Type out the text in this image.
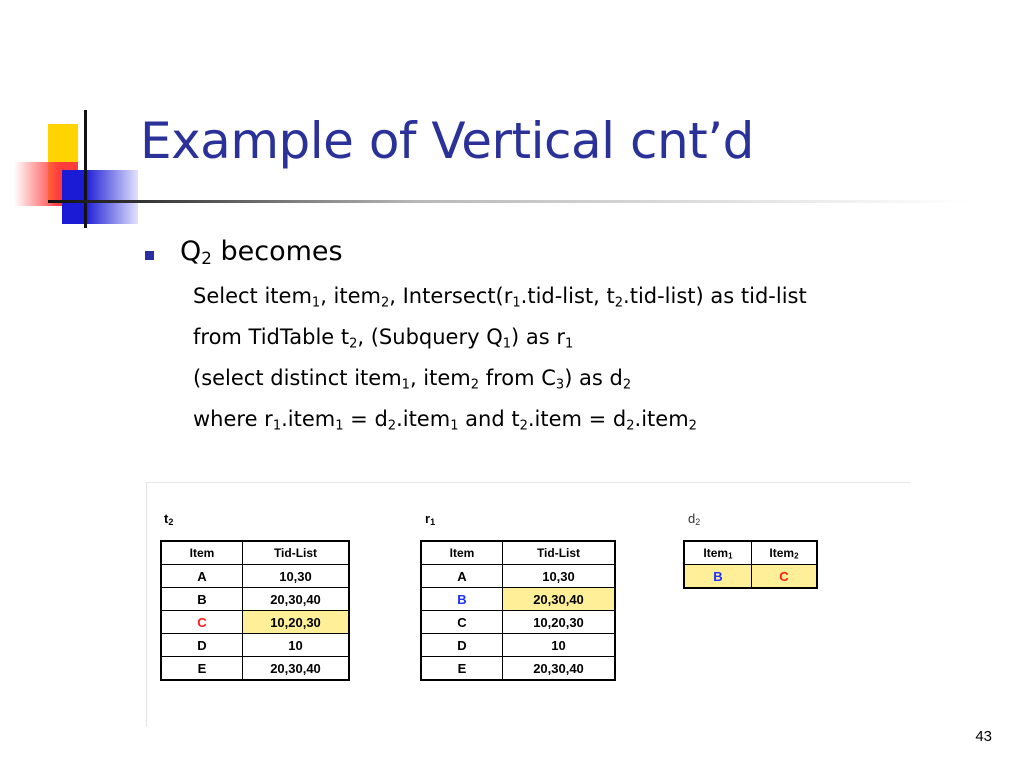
Example of Vertical cnt’d
$Q_2$ becomes
Select item$_1$, item$_2$, $Intersect(r_1.tid$-list, $t_2.tid-list$) as tid-list
from TidTable $t_2$, (Subquery $Q_1$) as $r_1$
(select distinct item$_1$, item$_2$ from $C_3$) as $d_2$
where $r_1.item_1$ = $d_2.item_1$ and $t_2.item$ = $d_2.item_2$
$t_2$
Item	Tid-List
A	10,30
B	20,30,40
C	10,20,30
D	10
E	20,30,40
$r_1$
Item	Tid-List
A	10,30
B	20,30,40
C	10,20,30
D	10
E	20,30,40
$d_2$
Item$_1$	Item$_2$
B	C
43
